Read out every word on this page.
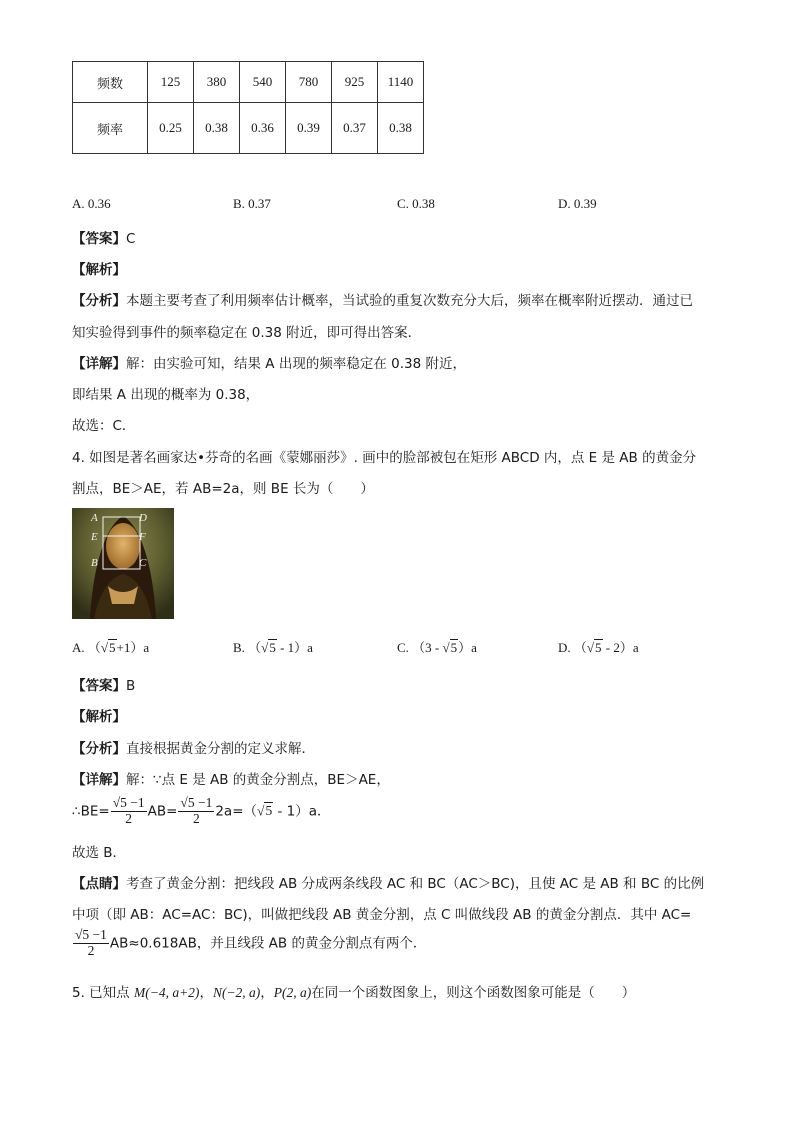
频数	125	380	540	780	925	1140
频率	0.25	0.38	0.36	0.39	0.37	0.38
A. 0.36	B. 0.37	C. 0.38	D. 0.39
【答案】C
【解析】
【分析】本题主要考查了利用频率估计概率，当试验的重复次数充分大后，频率在概率附近摆动．通过已
知实验得到事件的频率稳定在 0.38 附近，即可得出答案．
【详解】解：由实验可知，结果 A 出现的频率稳定在 0.38 附近，
即结果 A 出现的概率为 0.38，
故选：C．
4. 如图是著名画家达•芬奇的名画《蒙娜丽莎》. 画中的脸部被包在矩形 ABCD 内，点 E 是 AB 的黄金分
割点，BE＞AE，若 AB=2a，则 BE 长为（　　）
A	D
E	F
B	C
A. （√5+1）a	B. （√5 - 1）a	C. （3 - √5）a	D. （√5 - 2）a
【答案】B
【解析】
【分析】直接根据黄金分割的定义求解．
【详解】解：∵点 E 是 AB 的黄金分割点，BE＞AE，
∴BE= $\frac{√5 -1}{2} AB= \frac{√5 -1}{2} 2a=(√5 - 1)a$．
故选 B．
【点睛】考查了黄金分割：把线段 AB 分成两条线段 AC 和 BC（AC＞BC)，且使 AC 是 AB 和 BC 的比例
中项（即 AB：AC=AC：BC)，叫做把线段 AB 黄金分割，点 C 叫做线段 AB 的黄金分割点．其中 AC=
$\frac{√5 -1}{2} AB\approx 0.618AB$，并且线段 AB 的黄金分割点有两个．
5. 已知点 M(−4, a+2)，N(−2, a)，P(2, a)在同一个函数图象上，则这个函数图象可能是（　　）
